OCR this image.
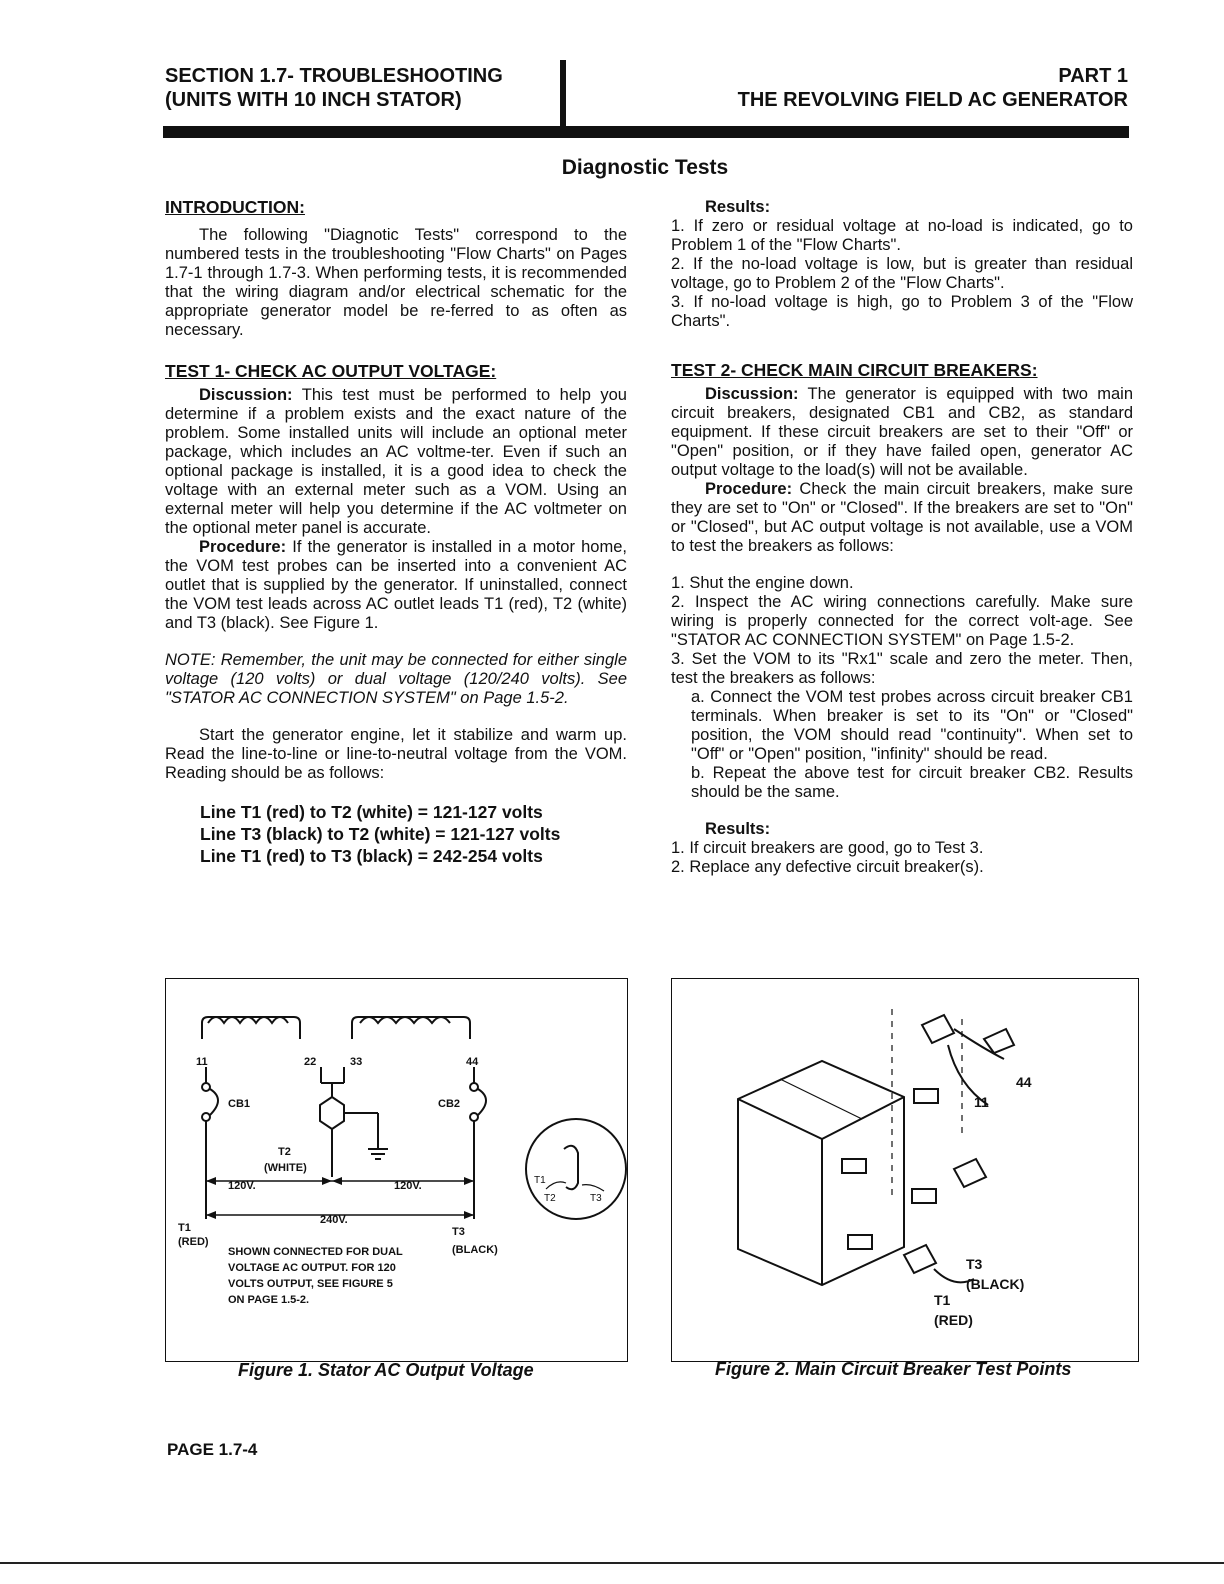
SECTION 1.7- TROUBLESHOOTING
(UNITS WITH 10 INCH STATOR)
PART 1
THE REVOLVING FIELD AC GENERATOR
Diagnostic Tests
INTRODUCTION:

The following "Diagnotic Tests" correspond to the numbered tests in the troubleshooting "Flow Charts" on Pages 1.7-1 through 1.7-3. When performing tests, it is recommended that the wiring diagram and/or electrical schematic for the appropriate generator model be re-ferred to as often as necessary.

TEST 1- CHECK AC OUTPUT VOLTAGE:

Discussion: This test must be performed to help you determine if a problem exists and the exact nature of the problem. Some installed units will include an optional meter package, which includes an AC voltme-ter. Even if such an optional package is installed, it is a good idea to check the voltage with an external meter such as a VOM. Using an external meter will help you determine if the AC voltmeter on the optional meter panel is accurate.

Procedure: If the generator is installed in a motor home, the VOM test probes can be inserted into a convenient AC outlet that is supplied by the generator. If uninstalled, connect the VOM test leads across AC outlet leads T1 (red), T2 (white) and T3 (black). See Figure 1.

NOTE: Remember, the unit may be connected for either single voltage (120 volts) or dual voltage (120/240 volts). See "STATOR AC CONNECTION SYSTEM" on Page 1.5-2.

Start the generator engine, let it stabilize and warm up. Read the line-to-line or line-to-neutral voltage from the VOM. Reading should be as follows:

Line T1 (red) to T2 (white) = 121-127 volts
Line T3 (black) to T2 (white) = 121-127 volts
Line T1 (red) to T3 (black) = 242-254 volts
Results:

1. If zero or residual voltage at no-load is indicated, go to Problem 1 of the "Flow Charts".

2. If the no-load voltage is low, but is greater than residual voltage, go to Problem 2 of the "Flow Charts".

3. If no-load voltage is high, go to Problem 3 of the "Flow Charts".

TEST 2- CHECK MAIN CIRCUIT BREAKERS:

Discussion: The generator is equipped with two main circuit breakers, designated CB1 and CB2, as standard equipment. If these circuit breakers are set to their "Off" or "Open" position, or if they have failed open, generator AC output voltage to the load(s) will not be available.

Procedure: Check the main circuit breakers, make sure they are set to "On" or "Closed". If the breakers are set to "On" or "Closed", but AC output voltage is not available, use a VOM to test the breakers as follows:

1. Shut the engine down.

2. Inspect the AC wiring connections carefully. Make sure wiring is properly connected for the correct volt-age. See "STATOR AC CONNECTION SYSTEM" on Page 1.5-2.

3. Set the VOM to its "Rx1" scale and zero the meter. Then, test the breakers as follows:

a. Connect the VOM test probes across circuit breaker CB1 terminals. When breaker is set to its "On" or "Closed" position, the VOM should read "continuity". When set to "Off" or "Open" position, "infinity" should be read.

b. Repeat the above test for circuit breaker CB2. Results should be the same.

Results:

1. If circuit breakers are good, go to Test 3.

2. Replace any defective circuit breaker(s).

11	22	33	44
CB1	CB2
T2
(WHITE)
120V.	120V.
240V.
T1
(RED)
T3
(BLACK)
SHOWN CONNECTED FOR DUAL
VOLTAGE AC OUTPUT. FOR 120
VOLTS OUTPUT, SEE FIGURE 5
ON PAGE 1.5-2.
T1
T2	T3
Figure 1. Stator AC Output Voltage
44
11
T3
(BLACK)
T1
(RED)
Figure 2. Main Circuit Breaker Test Points
PAGE 1.7-4
